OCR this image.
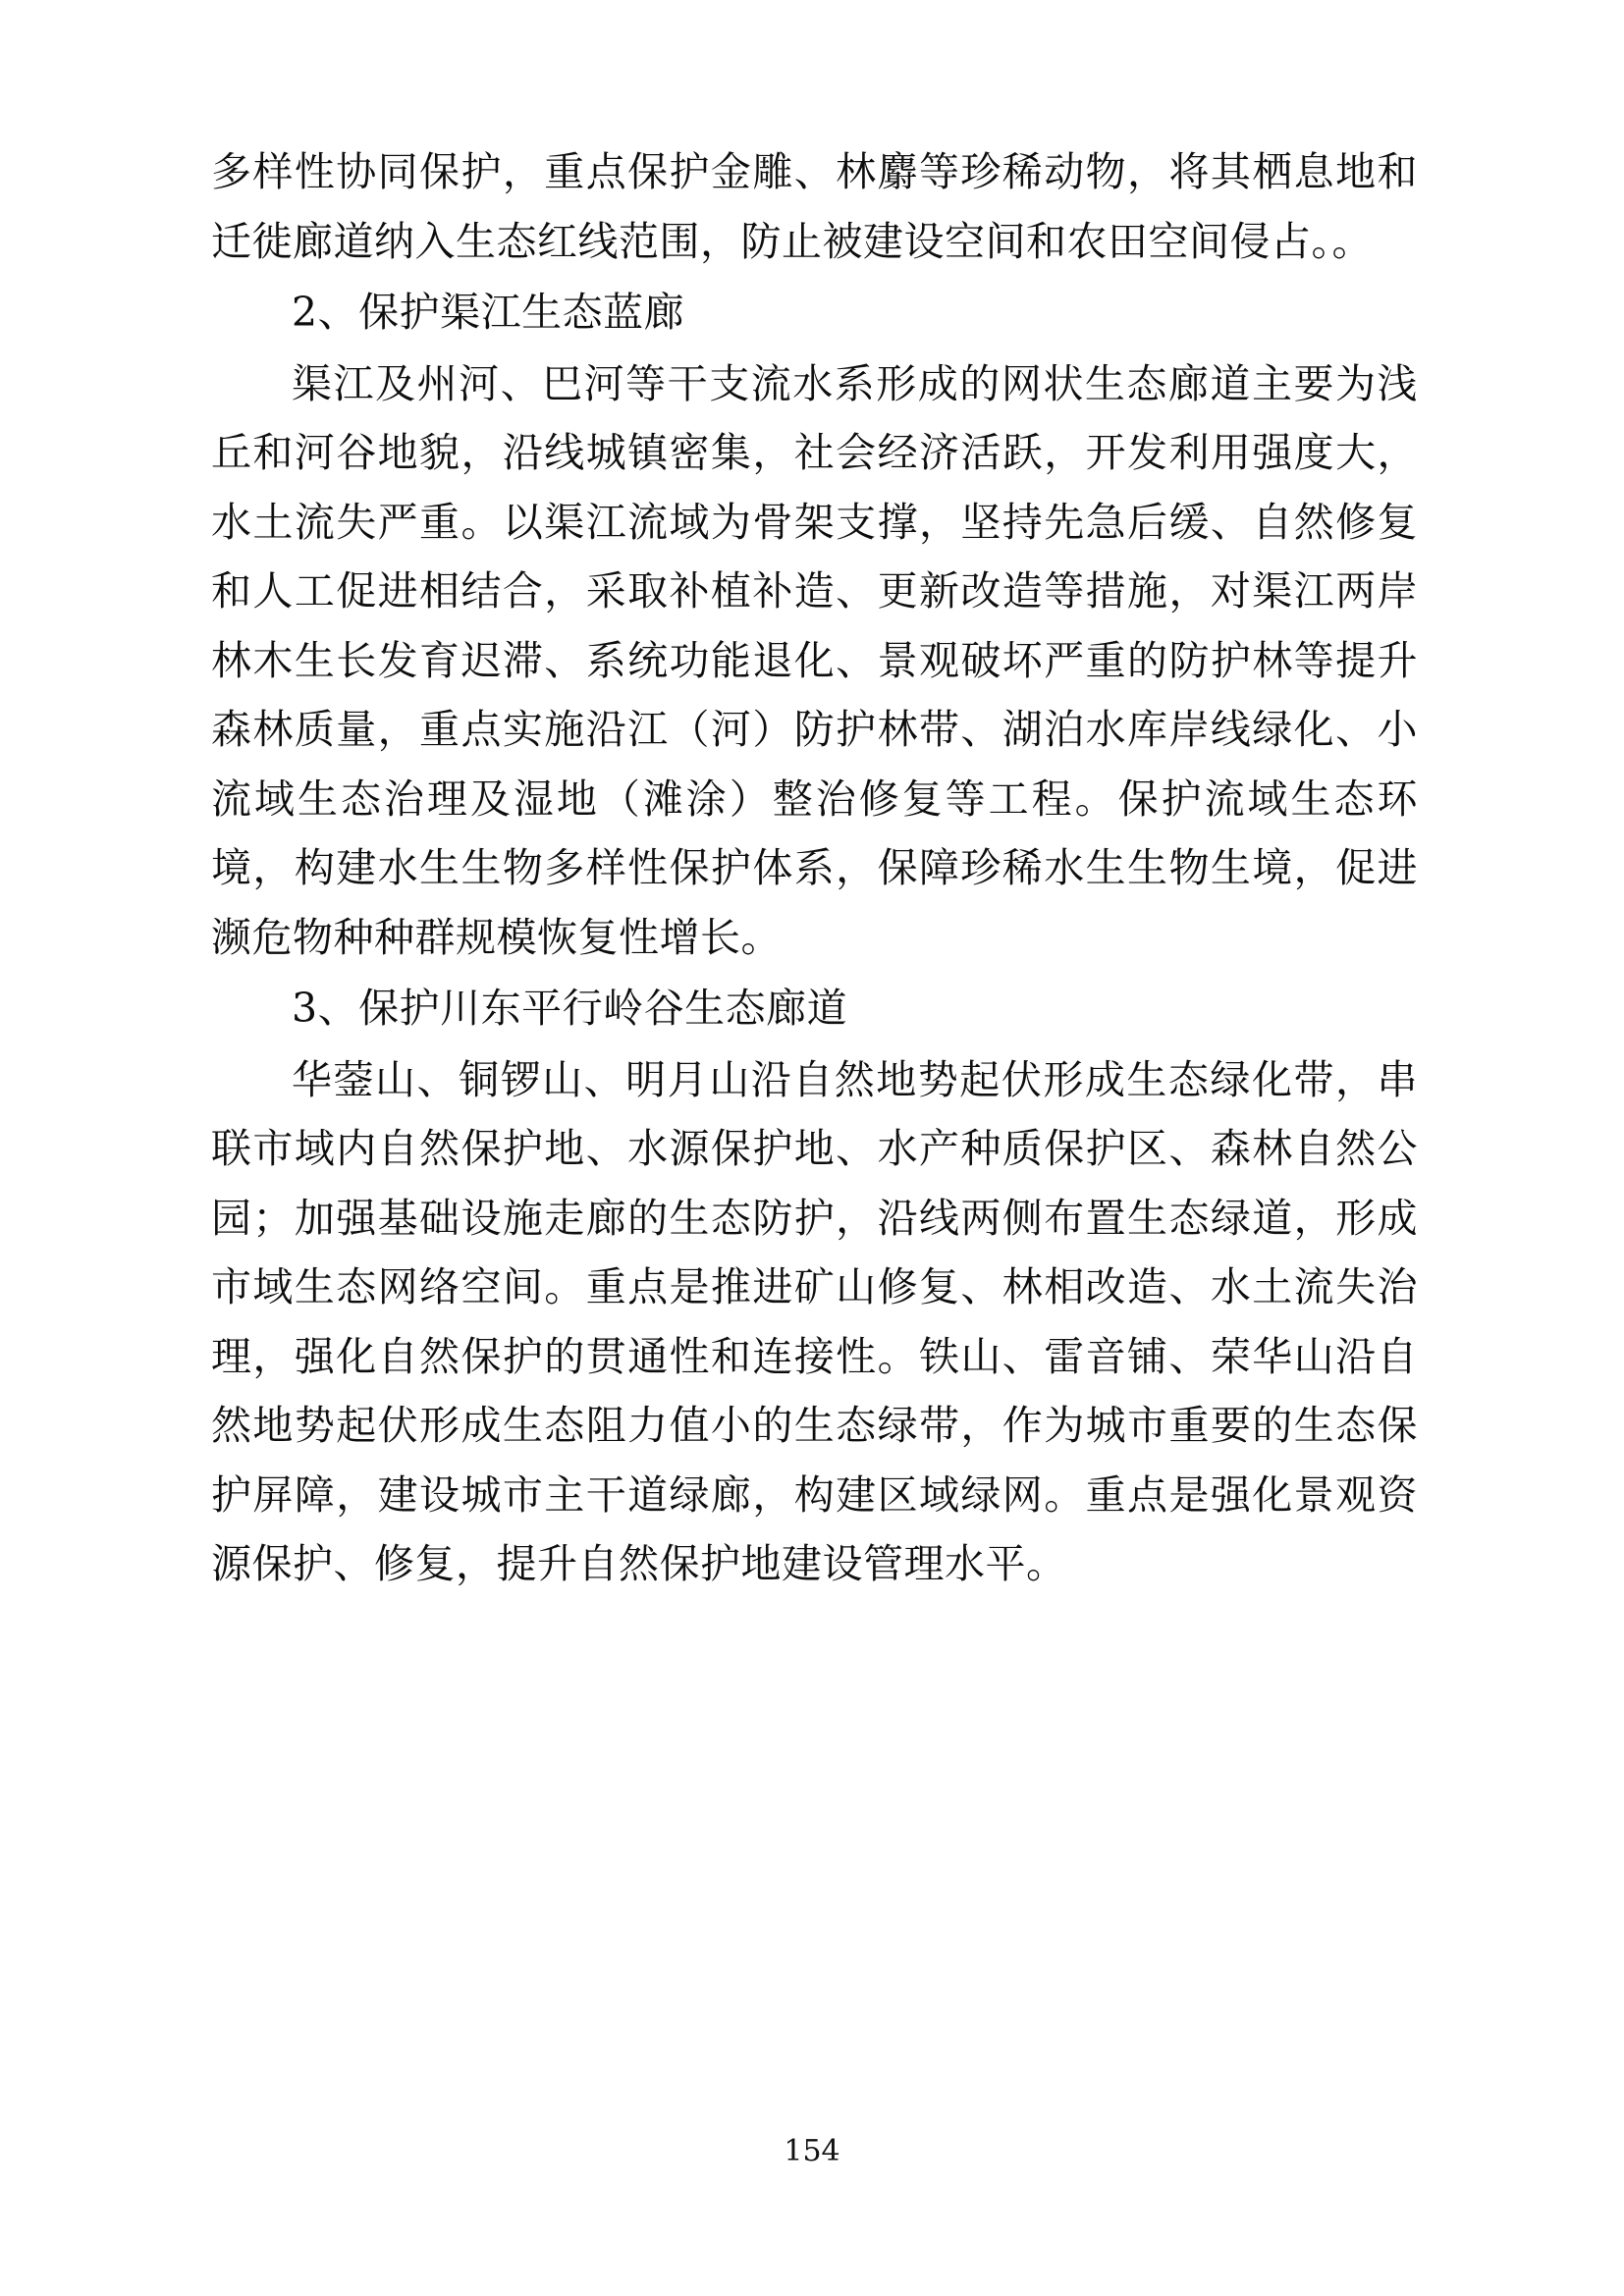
多样性协同保护，重点保护金雕、林麝等珍稀动物，将其栖息地和迁徙廊道纳入生态红线范围，防止被建设空间和农田空间侵占。。

2、保护渠江生态蓝廊

渠江及州河、巴河等干支流水系形成的网状生态廊道主要为浅丘和河谷地貌，沿线城镇密集，社会经济活跃，开发利用强度大，水土流失严重。以渠江流域为骨架支撑，坚持先急后缓、自然修复和人工促进相结合，采取补植补造、更新改造等措施，对渠江两岸林木生长发育迟滞、系统功能退化、景观破坏严重的防护林等提升森林质量，重点实施沿江（河）防护林带、湖泊水库岸线绿化、小流域生态治理及湿地（滩涂）整治修复等工程。保护流域生态环境，构建水生生物多样性保护体系，保障珍稀水生生物生境，促进濒危物种种群规模恢复性增长。

3、保护川东平行岭谷生态廊道

华蓥山、铜锣山、明月山沿自然地势起伏形成生态绿化带，串联市域内自然保护地、水源保护地、水产种质保护区、森林自然公园；加强基础设施走廊的生态防护，沿线两侧布置生态绿道，形成市域生态网络空间。重点是推进矿山修复、林相改造、水土流失治理，强化自然保护的贯通性和连接性。铁山、雷音铺、荣华山沿自然地势起伏形成生态阻力值小的生态绿带，作为城市重要的生态保护屏障，建设城市主干道绿廊，构建区域绿网。重点是强化景观资源保护、修复，提升自然保护地建设管理水平。

154
